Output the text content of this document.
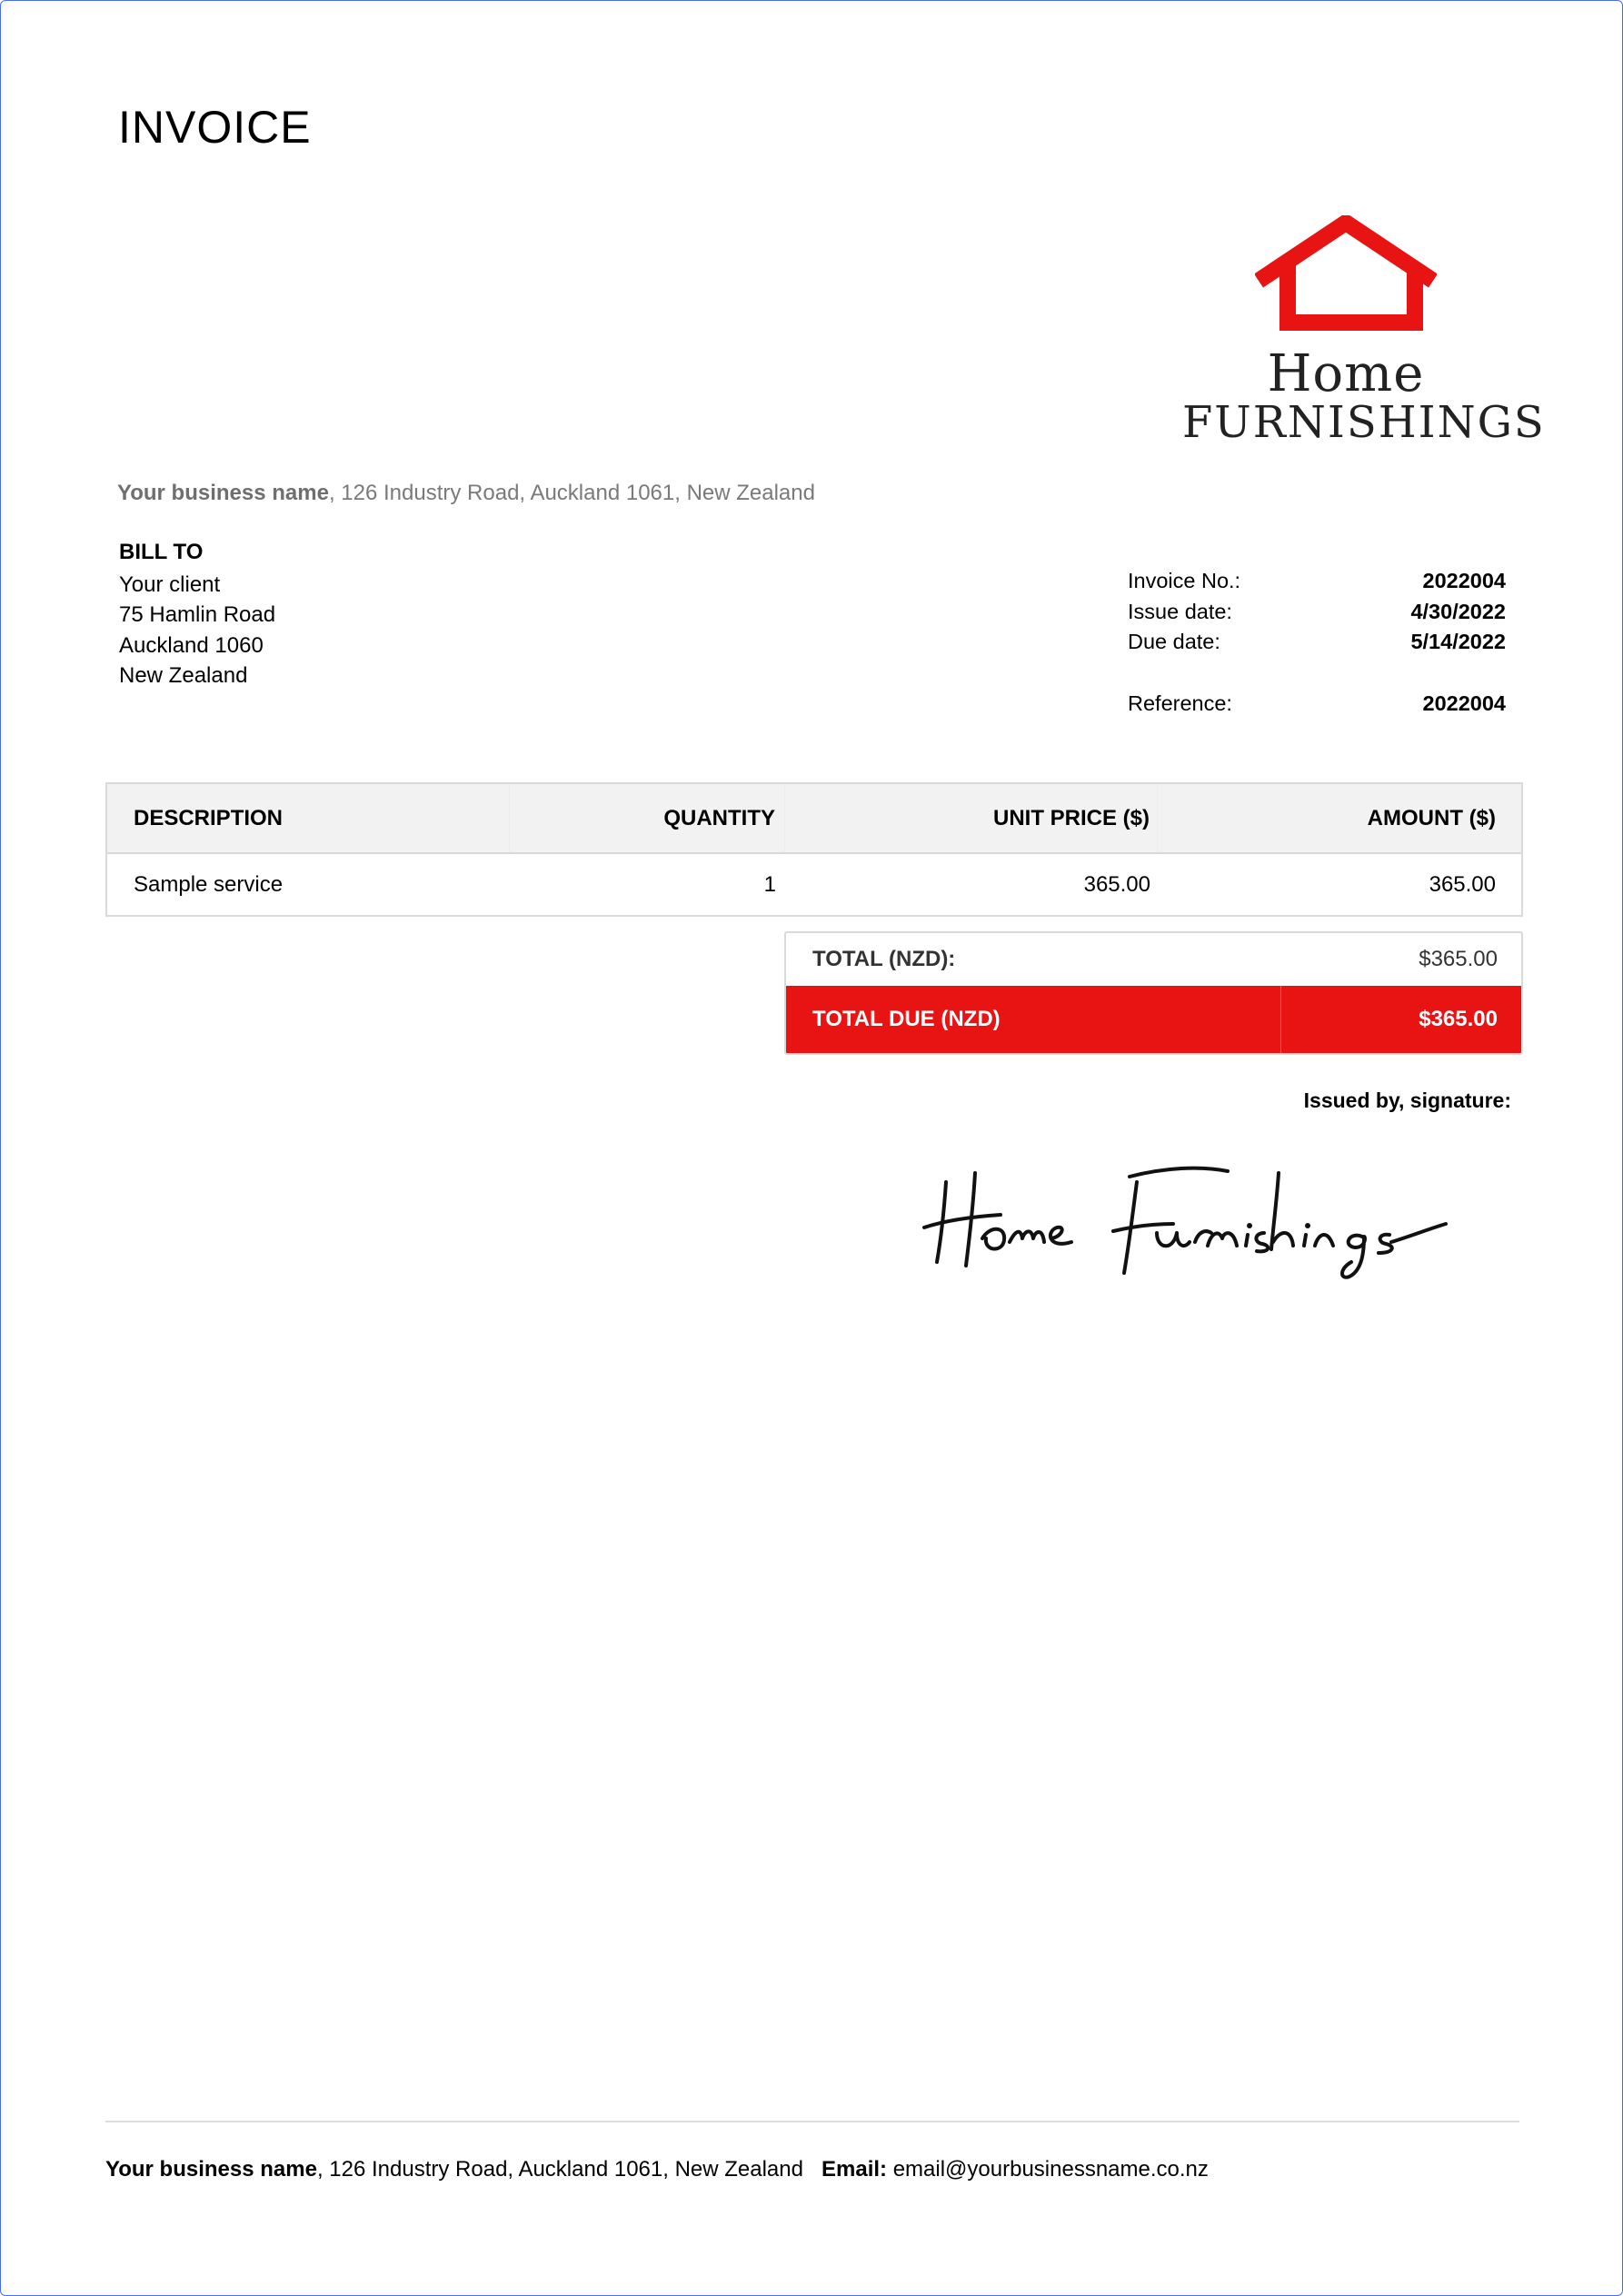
INVOICE
Home
FURNISHINGS
Your business name, 126 Industry Road, Auckland 1061, New Zealand
BILL TO
Your client
75 Hamlin Road
Auckland 1060
New Zealand
Invoice No.:	2022004
Issue date:	4/30/2022
Due date:	5/14/2022
Reference:	2022004
DESCRIPTION	QUANTITY	UNIT PRICE ($)	AMOUNT ($)
Sample service	1	365.00	365.00
TOTAL (NZD):	$365.00
TOTAL DUE (NZD)	$365.00
Issued by, signature:
Your business name, 126 Industry Road, Auckland 1061, New Zealand Email: email@yourbusinessname.co.nz
